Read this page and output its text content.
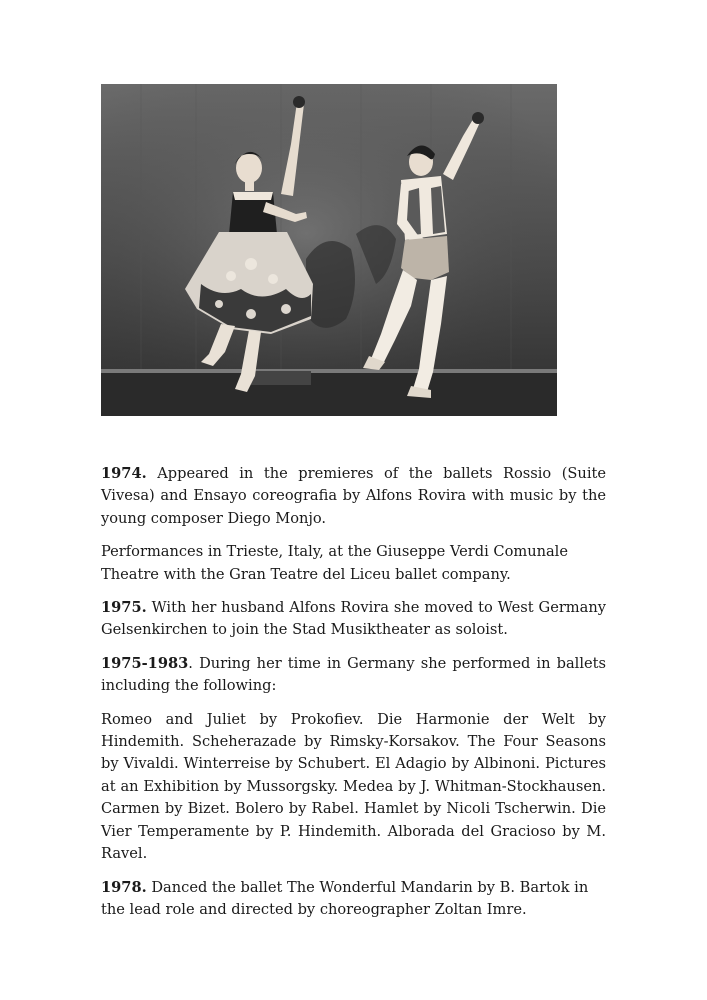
1974. Appeared in the premieres of the ballets Rossio (Suite Vivesa) and Ensayo coreografia by Alfons Rovira with music by the young composer Diego Monjo.

Performances in Trieste, Italy, at the Giuseppe Verdi Comunale Theatre with the Gran Teatre del Liceu ballet company.

1975. With her husband Alfons Rovira she moved to West Germany Gelsenkirchen to join the Stad Musiktheater as soloist.

1975-1983. During her time in Germany she performed in ballets including the following:

Romeo and Juliet by Prokofiev. Die Harmonie der Welt by Hindemith. Scheherazade by Rimsky-Korsakov. The Four Seasons by Vivaldi. Winterreise by Schubert. El Adagio by Albinoni. Pictures at an Exhibition by Mussorgsky. Medea by J. Whitman-Stockhausen. Carmen by Bizet. Bolero by Rabel. Hamlet by Nicoli Tscherwin. Die Vier Temperamente by P. Hindemith. Alborada del Gracioso by M. Ravel.

1978. Danced the ballet The Wonderful Mandarin by B. Bartok in the lead role and directed by choreographer Zoltan Imre.
